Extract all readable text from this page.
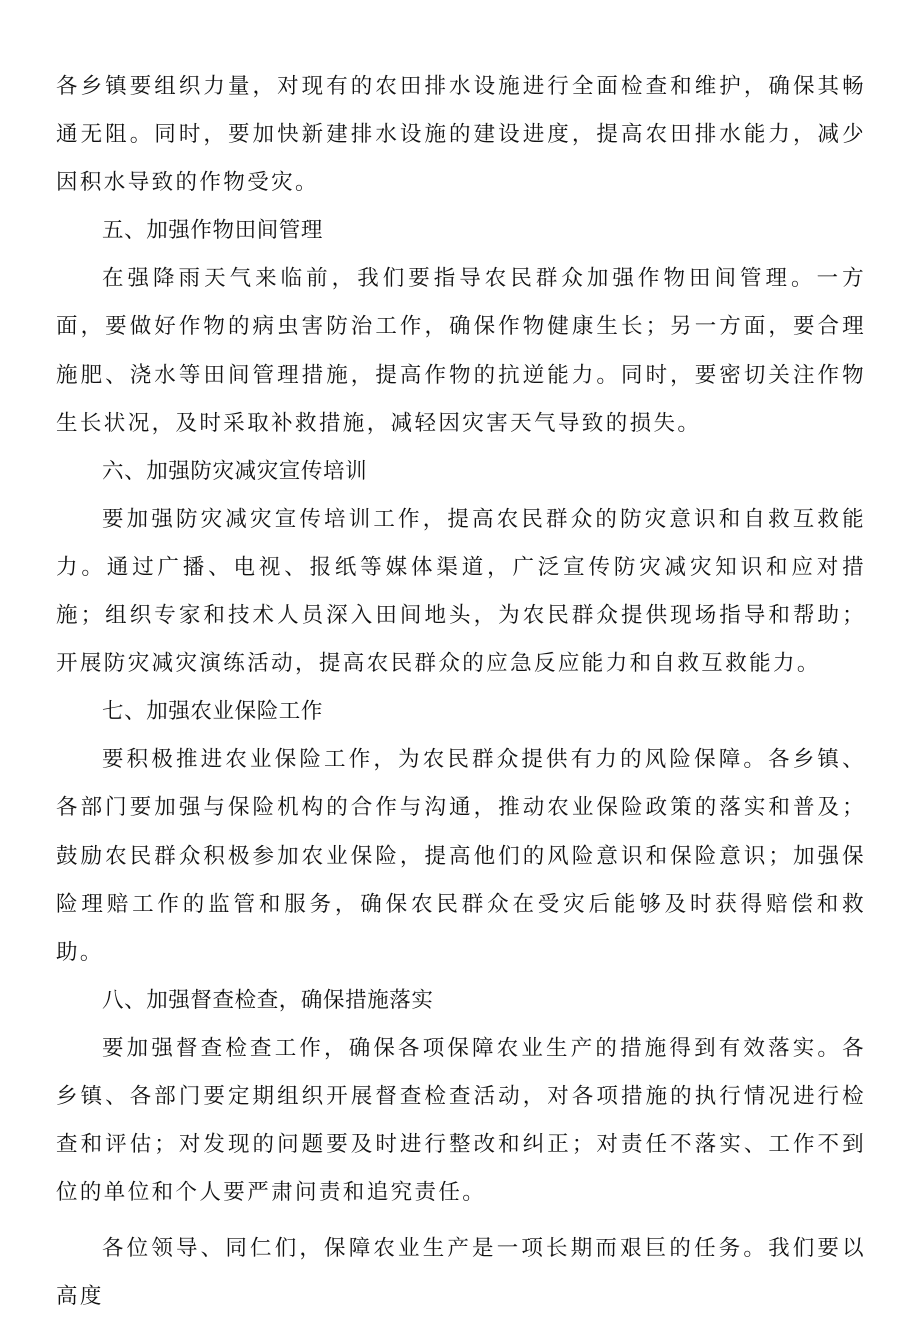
各乡镇要组织力量，对现有的农田排水设施进行全面检查和维护，确保其畅通无阻。同时，要加快新建排水设施的建设进度，提高农田排水能力，减少因积水导致的作物受灾。

五、加强作物田间管理

在强降雨天气来临前，我们要指导农民群众加强作物田间管理。一方面，要做好作物的病虫害防治工作，确保作物健康生长；另一方面，要合理施肥、浇水等田间管理措施，提高作物的抗逆能力。同时，要密切关注作物生长状况，及时采取补救措施，减轻因灾害天气导致的损失。

六、加强防灾减灾宣传培训

要加强防灾减灾宣传培训工作，提高农民群众的防灾意识和自救互救能力。通过广播、电视、报纸等媒体渠道，广泛宣传防灾减灾知识和应对措施；组织专家和技术人员深入田间地头，为农民群众提供现场指导和帮助；开展防灾减灾演练活动，提高农民群众的应急反应能力和自救互救能力。

七、加强农业保险工作

要积极推进农业保险工作，为农民群众提供有力的风险保障。各乡镇、各部门要加强与保险机构的合作与沟通，推动农业保险政策的落实和普及；鼓励农民群众积极参加农业保险，提高他们的风险意识和保险意识；加强保险理赔工作的监管和服务，确保农民群众在受灾后能够及时获得赔偿和救助。

八、加强督查检查，确保措施落实

要加强督查检查工作，确保各项保障农业生产的措施得到有效落实。各乡镇、各部门要定期组织开展督查检查活动，对各项措施的执行情况进行检查和评估；对发现的问题要及时进行整改和纠正；对责任不落实、工作不到位的单位和个人要严肃问责和追究责任。

各位领导、同仁们，保障农业生产是一项长期而艰巨的任务。我们要以高度
